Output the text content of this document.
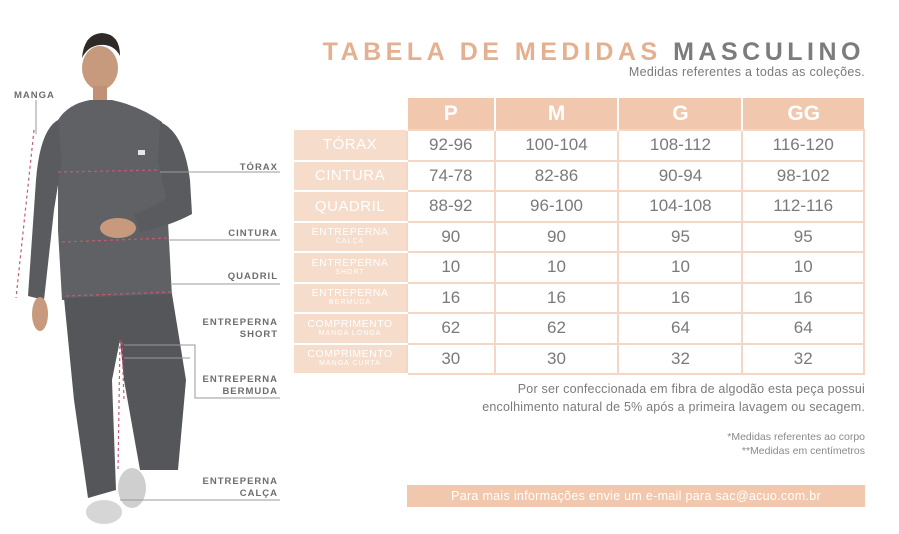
MANGA
TÓRAX
CINTURA
QUADRIL
ENTREPERNA
SHORT
ENTREPERNA
BERMUDA
ENTREPERNA
CALÇA
TABELA DE MEDIDAS MASCULINO
Medidas referentes a todas as coleções.
	P	M	G	GG

TÓRAX	92-96	100-104	108-112	116-120

CINTURA	74-78	82-86	90-94	98-102

QUADRIL	88-92	96-100	104-108	112-116

ENTREPERNA
CALÇA	90	90	95	95

ENTREPERNA
SHORT	10	10	10	10

ENTREPERNA
BERMUDA	16	16	16	16

COMPRIMENTO
MANGA LONGA	62	62	64	64

COMPRIMENTO
MANGA CURTA	30	30	32	32
Por ser confeccionada em fibra de algodão esta peça possui
encolhimento natural de 5% após a primeira lavagem ou secagem.
*Medidas referentes ao corpo
**Medidas em centímetros
Para mais informações envie um e-mail para sac@acuo.com.br
